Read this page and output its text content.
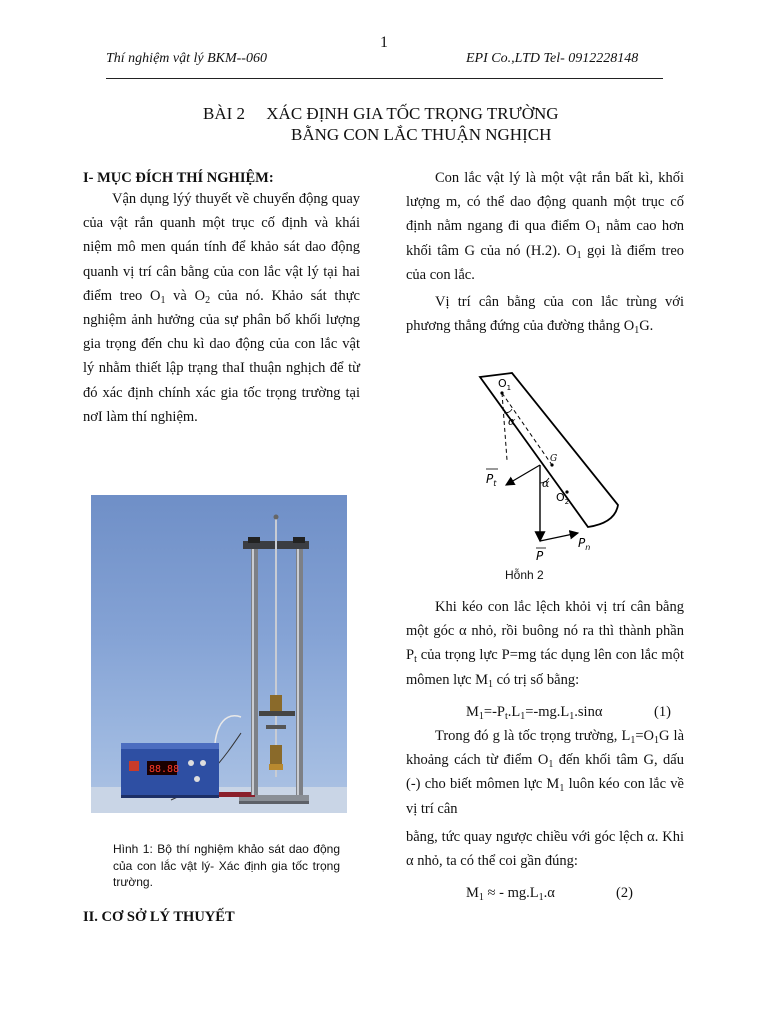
1
Thí nghiệm vật lý BKM--060	EPI Co.,LTD Tel- 0912228148
BÀI 2     XÁC ĐỊNH GIA TỐC TRỌNG TRƯỜNG
BẰNG CON LẮC THUẬN NGHỊCH
I- MỤC ĐÍCH THÍ NGHIỆM:
Vận dụng lýý thuyết về chuyển động quay của vật rắn quanh một trục cố định và khái niệm mô men quán tính để khảo sát dao động quanh vị trí cân bằng của con lắc vật lý tại hai điểm treo $O_1$ và $O_2$ của nó. Khảo sát thực nghiệm ảnh hưởng của sự phân bố khối lượng gia trọng đến chu kì dao động của con lắc vật lý nhằm thiết lập trạng thaI thuận nghịch để từ đó xác định chính xác gia tốc trọng trường tại nơI làm thí nghiệm.
88.88
Hình 1: Bộ thí nghiệm khảo sát dao động của con lắc vật lý- Xác định gia tốc trọng trường.
II. CƠ SỞ LÝ THUYẾT
Con lắc vật lý là một vật rắn bất kì, khối lượng m, có thể dao động quanh một trục cố định nằm ngang đi qua điểm $O_1$ nằm cao hơn khối tâm G của nó (H.2). $O_1$ gọi là điểm treo của con lắc.
Vị trí cân bằng của con lắc trùng với phương thẳng đứng của đường thẳng $O_1G$.
$O_1$
α
G
α
$P_t$
$O_2$
P
$P_n$
Hỗnh 2
Khi kéo con lắc lệch khỏi vị trí cân bằng một góc α nhỏ, rồi buông nó ra thì thành phần $P_t$ của trọng lực P=mg tác dụng lên con lắc một mômen lực $M_1$ có trị số bằng:
$M_1=-P_t.L_1=-mg.L_1.\sin\alpha$	(1)
Trong đó g là tốc trọng trường, $L_1=O_1G$ là khoảng cách từ điểm $O_1$ đến khối tâm G, dấu (-) cho biết mômen lực $M_1$ luôn kéo con lắc về vị trí cân
bằng, tức quay ngược chiều với góc lệch α. Khi α nhỏ, ta có thể coi gần đúng:
$M_1$ ≈ - $mg.L_1.\alpha$	(2)
